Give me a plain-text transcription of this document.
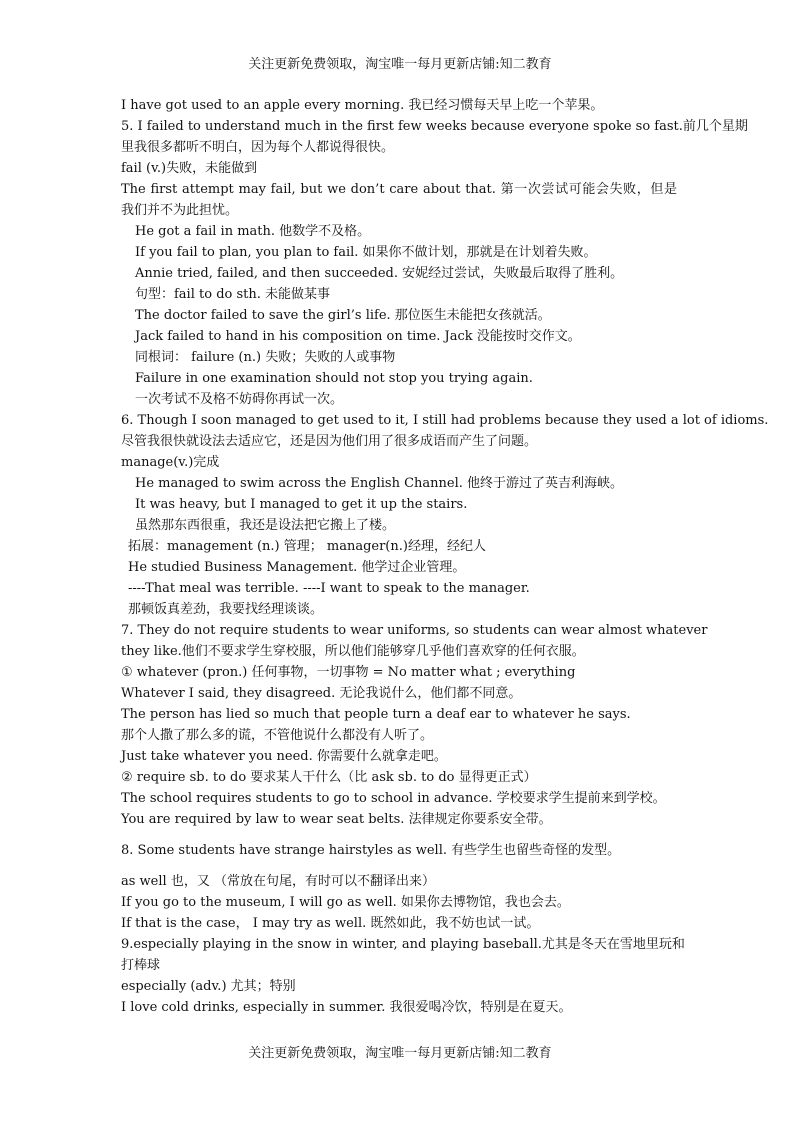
关注更新免费领取，淘宝唯一每月更新店铺:知二教育
I have got used to an apple every morning. 我已经习惯每天早上吃一个苹果。
5. I failed to understand much in the first few weeks because everyone spoke so fast.前几个星期
里我很多都听不明白，因为每个人都说得很快。
fail (v.)失败，未能做到
The first attempt may fail, but we don’t care about that. 第一次尝试可能会失败，但是
我们并不为此担忧。
He got a fail in math. 他数学不及格。
If you fail to plan, you plan to fail. 如果你不做计划，那就是在计划着失败。
Annie tried, failed, and then succeeded. 安妮经过尝试，失败最后取得了胜利。
句型：fail to do sth. 未能做某事
The doctor failed to save the girl’s life. 那位医生未能把女孩就活。
Jack failed to hand in his composition on time. Jack 没能按时交作文。
同根词： failure (n.) 失败；失败的人或事物
Failure in one examination should not stop you trying again.
一次考试不及格不妨碍你再试一次。
6. Though I soon managed to get used to it, I still had problems because they used a lot of idioms.
尽管我很快就设法去适应它，还是因为他们用了很多成语而产生了问题。
manage(v.)完成
He managed to swim across the English Channel. 他终于游过了英吉利海峡。
It was heavy, but I managed to get it up the stairs.
虽然那东西很重，我还是设法把它搬上了楼。
拓展：management (n.) 管理； manager(n.)经理，经纪人
He studied Business Management. 他学过企业管理。
----That meal was terrible. ----I want to speak to the manager.
那顿饭真差劲，我要找经理谈谈。
7. They do not require students to wear uniforms, so students can wear almost whatever
they like.他们不要求学生穿校服，所以他们能够穿几乎他们喜欢穿的任何衣服。
① whatever (pron.) 任何事物，一切事物 = No matter what ; everything
Whatever I said, they disagreed. 无论我说什么，他们都不同意。
The person has lied so much that people turn a deaf ear to whatever he says.
那个人撒了那么多的谎，不管他说什么都没有人听了。
Just take whatever you need. 你需要什么就拿走吧。
② require sb. to do 要求某人干什么（比 ask sb. to do 显得更正式）
The school requires students to go to school in advance. 学校要求学生提前来到学校。
You are required by law to wear seat belts. 法律规定你要系安全带。
8. Some students have strange hairstyles as well. 有些学生也留些奇怪的发型。
as well 也，又 （常放在句尾，有时可以不翻译出来）
If you go to the museum, I will go as well. 如果你去博物馆，我也会去。
If that is the case， I may try as well. 既然如此，我不妨也试一试。
9.especially playing in the snow in winter, and playing baseball.尤其是冬天在雪地里玩和
打棒球
especially (adv.) 尤其；特别
I love cold drinks, especially in summer. 我很爱喝冷饮，特别是在夏天。
关注更新免费领取，淘宝唯一每月更新店铺:知二教育
